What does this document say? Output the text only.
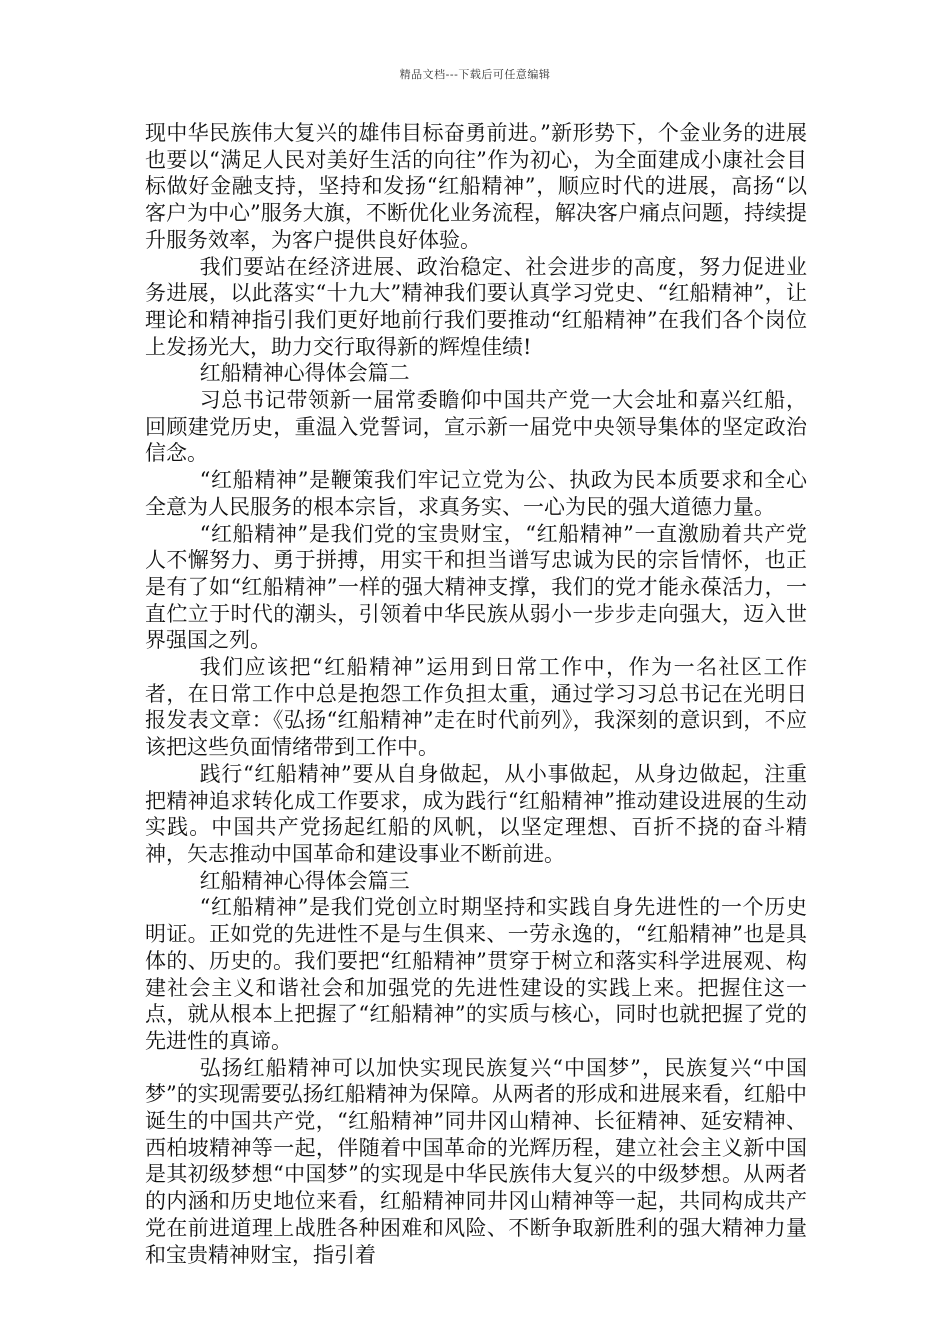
精品文档---下载后可任意编辑

现中华民族伟大复兴的雄伟目标奋勇前进。”新形势下，个金业务的进展也要以“满足人民对美好生活的向往”作为初心，为全面建成小康社会目标做好金融支持，坚持和发扬“红船精神”，顺应时代的进展，高扬“以客户为中心”服务大旗，不断优化业务流程，解决客户痛点问题，持续提升服务效率，为客户提供良好体验。

我们要站在经济进展、政治稳定、社会进步的高度，努力促进业务进展，以此落实“十九大”精神我们要认真学习党史、“红船精神”，让理论和精神指引我们更好地前行我们要推动“红船精神”在我们各个岗位上发扬光大，助力交行取得新的辉煌佳绩!

红船精神心得体会篇二

习总书记带领新一届常委瞻仰中国共产党一大会址和嘉兴红船，回顾建党历史，重温入党誓词，宣示新一届党中央领导集体的坚定政治信念。

“红船精神”是鞭策我们牢记立党为公、执政为民本质要求和全心全意为人民服务的根本宗旨，求真务实、一心为民的强大道德力量。

“红船精神”是我们党的宝贵财宝，“红船精神”一直激励着共产党人不懈努力、勇于拼搏，用实干和担当谱写忠诚为民的宗旨情怀，也正是有了如“红船精神”一样的强大精神支撑，我们的党才能永葆活力，一直伫立于时代的潮头，引领着中华民族从弱小一步步走向强大，迈入世界强国之列。

我们应该把“红船精神”运用到日常工作中，作为一名社区工作者，在日常工作中总是抱怨工作负担太重，通过学习习总书记在光明日报发表文章：《弘扬“红船精神”走在时代前列》，我深刻的意识到，不应该把这些负面情绪带到工作中。

践行“红船精神”要从自身做起，从小事做起，从身边做起，注重把精神追求转化成工作要求，成为践行“红船精神”推动建设进展的生动实践。中国共产党扬起红船的风帆，以坚定理想、百折不挠的奋斗精神，矢志推动中国革命和建设事业不断前进。

红船精神心得体会篇三

“红船精神”是我们党创立时期坚持和实践自身先进性的一个历史明证。正如党的先进性不是与生俱来、一劳永逸的，“红船精神”也是具体的、历史的。我们要把“红船精神”贯穿于树立和落实科学进展观、构建社会主义和谐社会和加强党的先进性建设的实践上来。把握住这一点，就从根本上把握了“红船精神”的实质与核心，同时也就把握了党的先进性的真谛。

弘扬红船精神可以加快实现民族复兴“中国梦”，民族复兴“中国梦”的实现需要弘扬红船精神为保障。从两者的形成和进展来看，红船中诞生的中国共产党，“红船精神”同井冈山精神、长征精神、延安精神、西柏坡精神等一起，伴随着中国革命的光辉历程，建立社会主义新中国是其初级梦想“中国梦”的实现是中华民族伟大复兴的中级梦想。从两者的内涵和历史地位来看，红船精神同井冈山精神等一起，共同构成共产党在前进道理上战胜各种困难和风险、不断争取新胜利的强大精神力量和宝贵精神财宝，指引着
